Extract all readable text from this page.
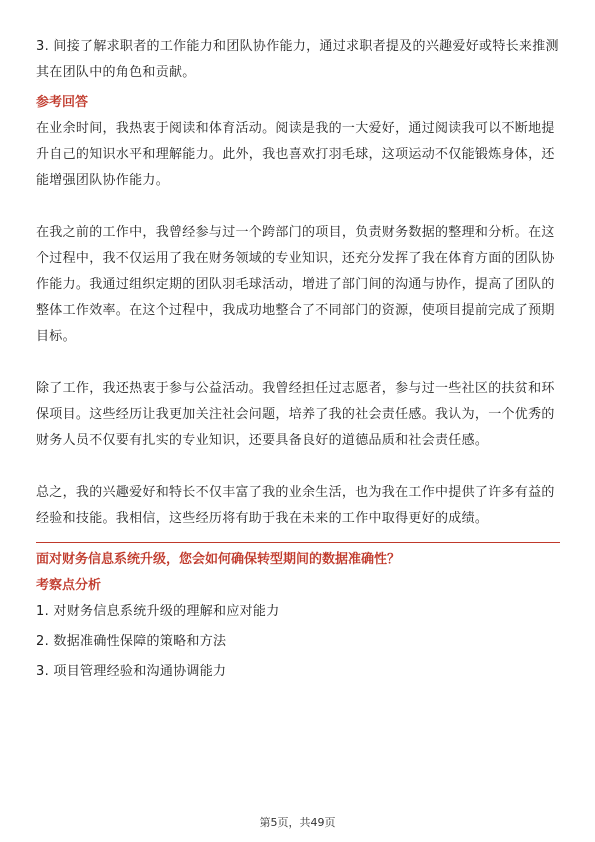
3. 间接了解求职者的工作能力和团队协作能力，通过求职者提及的兴趣爱好或特长来推测其在团队中的角色和贡献。

参考回答

在业余时间，我热衷于阅读和体育活动。阅读是我的一大爱好，通过阅读我可以不断地提升自己的知识水平和理解能力。此外，我也喜欢打羽毛球，这项运动不仅能锻炼身体，还能增强团队协作能力。

在我之前的工作中，我曾经参与过一个跨部门的项目，负责财务数据的整理和分析。在这个过程中，我不仅运用了我在财务领域的专业知识，还充分发挥了我在体育方面的团队协作能力。我通过组织定期的团队羽毛球活动，增进了部门间的沟通与协作，提高了团队的整体工作效率。在这个过程中，我成功地整合了不同部门的资源，使项目提前完成了预期目标。

除了工作，我还热衷于参与公益活动。我曾经担任过志愿者，参与过一些社区的扶贫和环保项目。这些经历让我更加关注社会问题，培养了我的社会责任感。我认为，一个优秀的财务人员不仅要有扎实的专业知识，还要具备良好的道德品质和社会责任感。

总之，我的兴趣爱好和特长不仅丰富了我的业余生活，也为我在工作中提供了许多有益的经验和技能。我相信，这些经历将有助于我在未来的工作中取得更好的成绩。

面对财务信息系统升级，您会如何确保转型期间的数据准确性？
考察点分析

1. 对财务信息系统升级的理解和应对能力

2. 数据准确性保障的策略和方法

3. 项目管理经验和沟通协调能力

第5页，共49页
